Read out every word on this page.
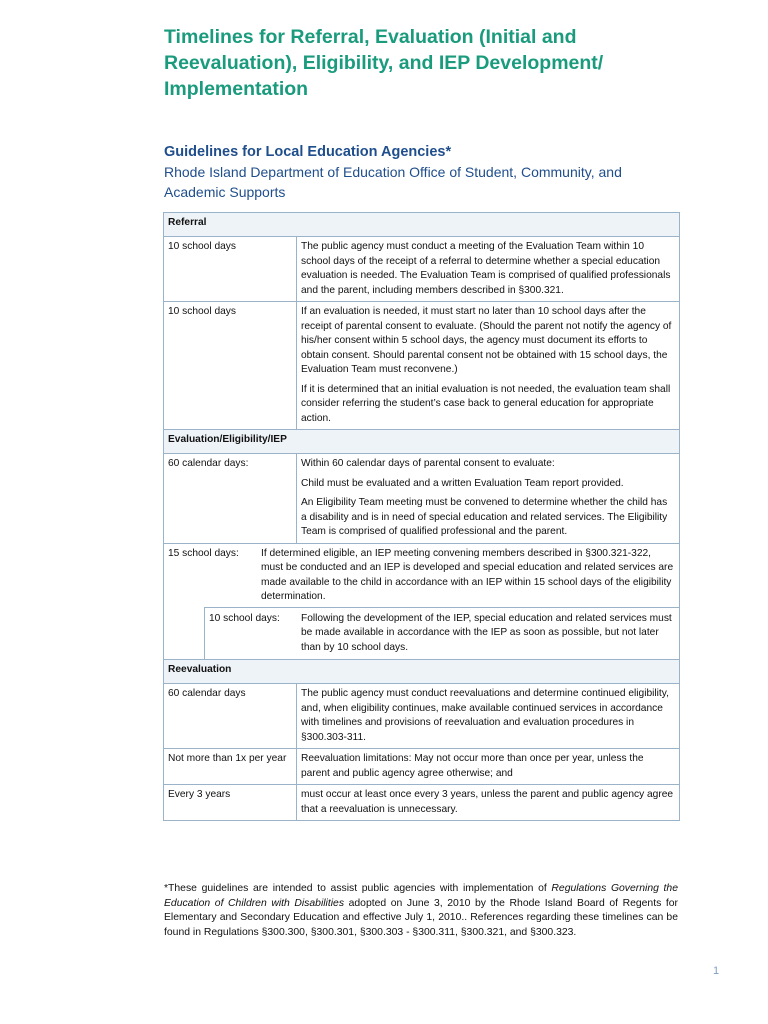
Timelines for Referral, Evaluation (Initial and
Reevaluation), Eligibility, and IEP Development/
Implementation
Guidelines for Local Education Agencies*
Rhode Island Department of Education Office of Student, Community, and
Academic Supports
Referral	
10 school days	The public agency must conduct a meeting of the Evaluation Team within 10 school days of the receipt of a referral to determine whether a special education evaluation is needed. The Evaluation Team is comprised of qualified professionals and the parent, including members described in §300.321.

10 school days	If an evaluation is needed, it must start no later than 10 school days after the receipt of parental consent to evaluate. (Should the parent not notify the agency of his/her consent within 5 school days, the agency must document its efforts to obtain consent. Should parental consent not be obtained with 15 school days, the Evaluation Team must reconvene.)

If it is determined that an initial evaluation is not needed, the evaluation team shall consider referring the student’s case back to general education for appropriate action.

Evaluation/Eligibility/IEP	
60 calendar days:	Within 60 calendar days of parental consent to evaluate:

Child must be evaluated and a written Evaluation Team report provided.

An Eligibility Team meeting must be convened to determine whether the child has a disability and is in need of special education and related services. The Eligibility Team is comprised of qualified professional and the parent.

15 school days: If determined eligible, an IEP meeting convening members described in §300.321-322, must be conducted and an IEP is developed and special education and related services are made available to the child in accordance with an IEP within 15 school days of the eligibility determination.	

10 school days: Following the development of the IEP, special education and related services must be made available in accordance with the IEP as soon as possible, but not later than by 10 school days.	

Reevaluation	
60 calendar days	The public agency must conduct reevaluations and determine continued eligibility, and, when eligibility continues, make available continued services in accordance with timelines and provisions of reevaluation and evaluation procedures in §300.303-311.
Not more than 1x per year	Reevaluation limitations: May not occur more than once per year, unless the parent and public agency agree otherwise; and
Every 3 years	must occur at least once every 3 years, unless the parent and public agency agree that a reevaluation is unnecessary.
*These guidelines are intended to assist public agencies with implementation of Regulations Governing the Education of Children with Disabilities adopted on June 3, 2010 by the Rhode Island Board of Regents for Elementary and Secondary Education and effective July 1, 2010.. References regarding these timelines can be found in Regulations §300.300, §300.301, §300.303 - §300.311, §300.321, and §300.323.
1
